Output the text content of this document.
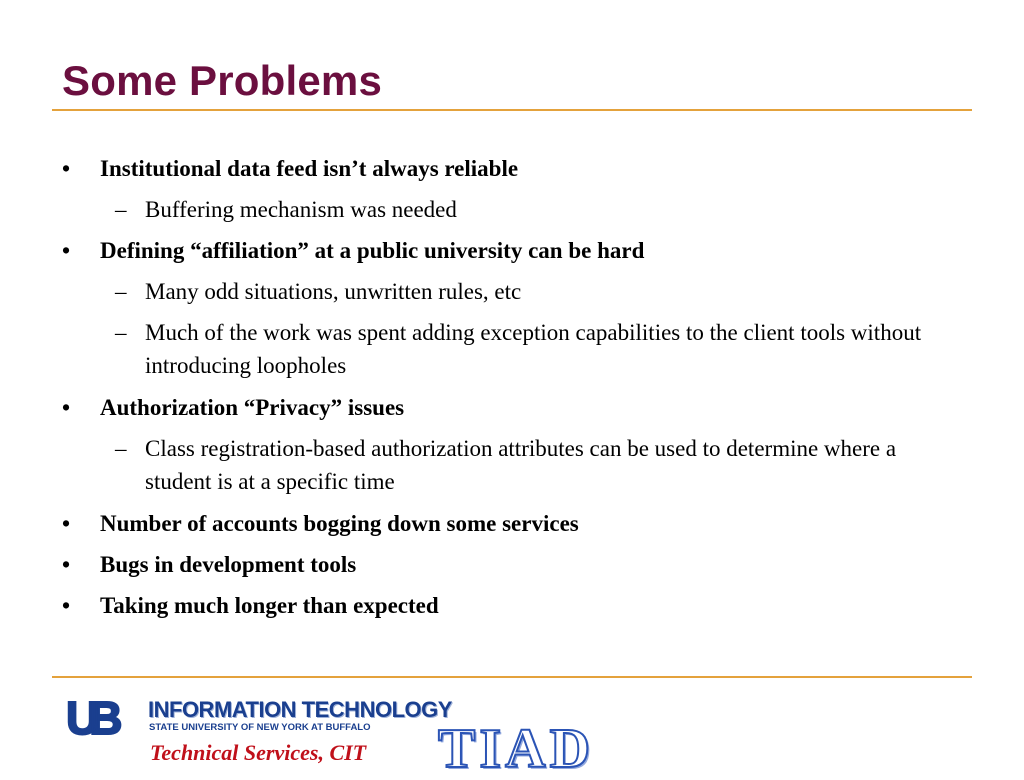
Some Problems
• Institutional data feed isn’t always reliable
– Buffering mechanism was needed
• Defining “affiliation” at a public university can be hard
– Many odd situations, unwritten rules, etc
– Much of the work was spent adding exception capabilities to the client tools without introducing loopholes
• Authorization “Privacy” issues
– Class registration-based authorization attributes can be used to determine where a student is at a specific time
• Number of accounts bogging down some services
• Bugs in development tools
• Taking much longer than expected
UB INFORMATION TECHNOLOGY
STATE UNIVERSITY OF NEW YORK AT BUFFALO
Technical Services, CIT TIAD
